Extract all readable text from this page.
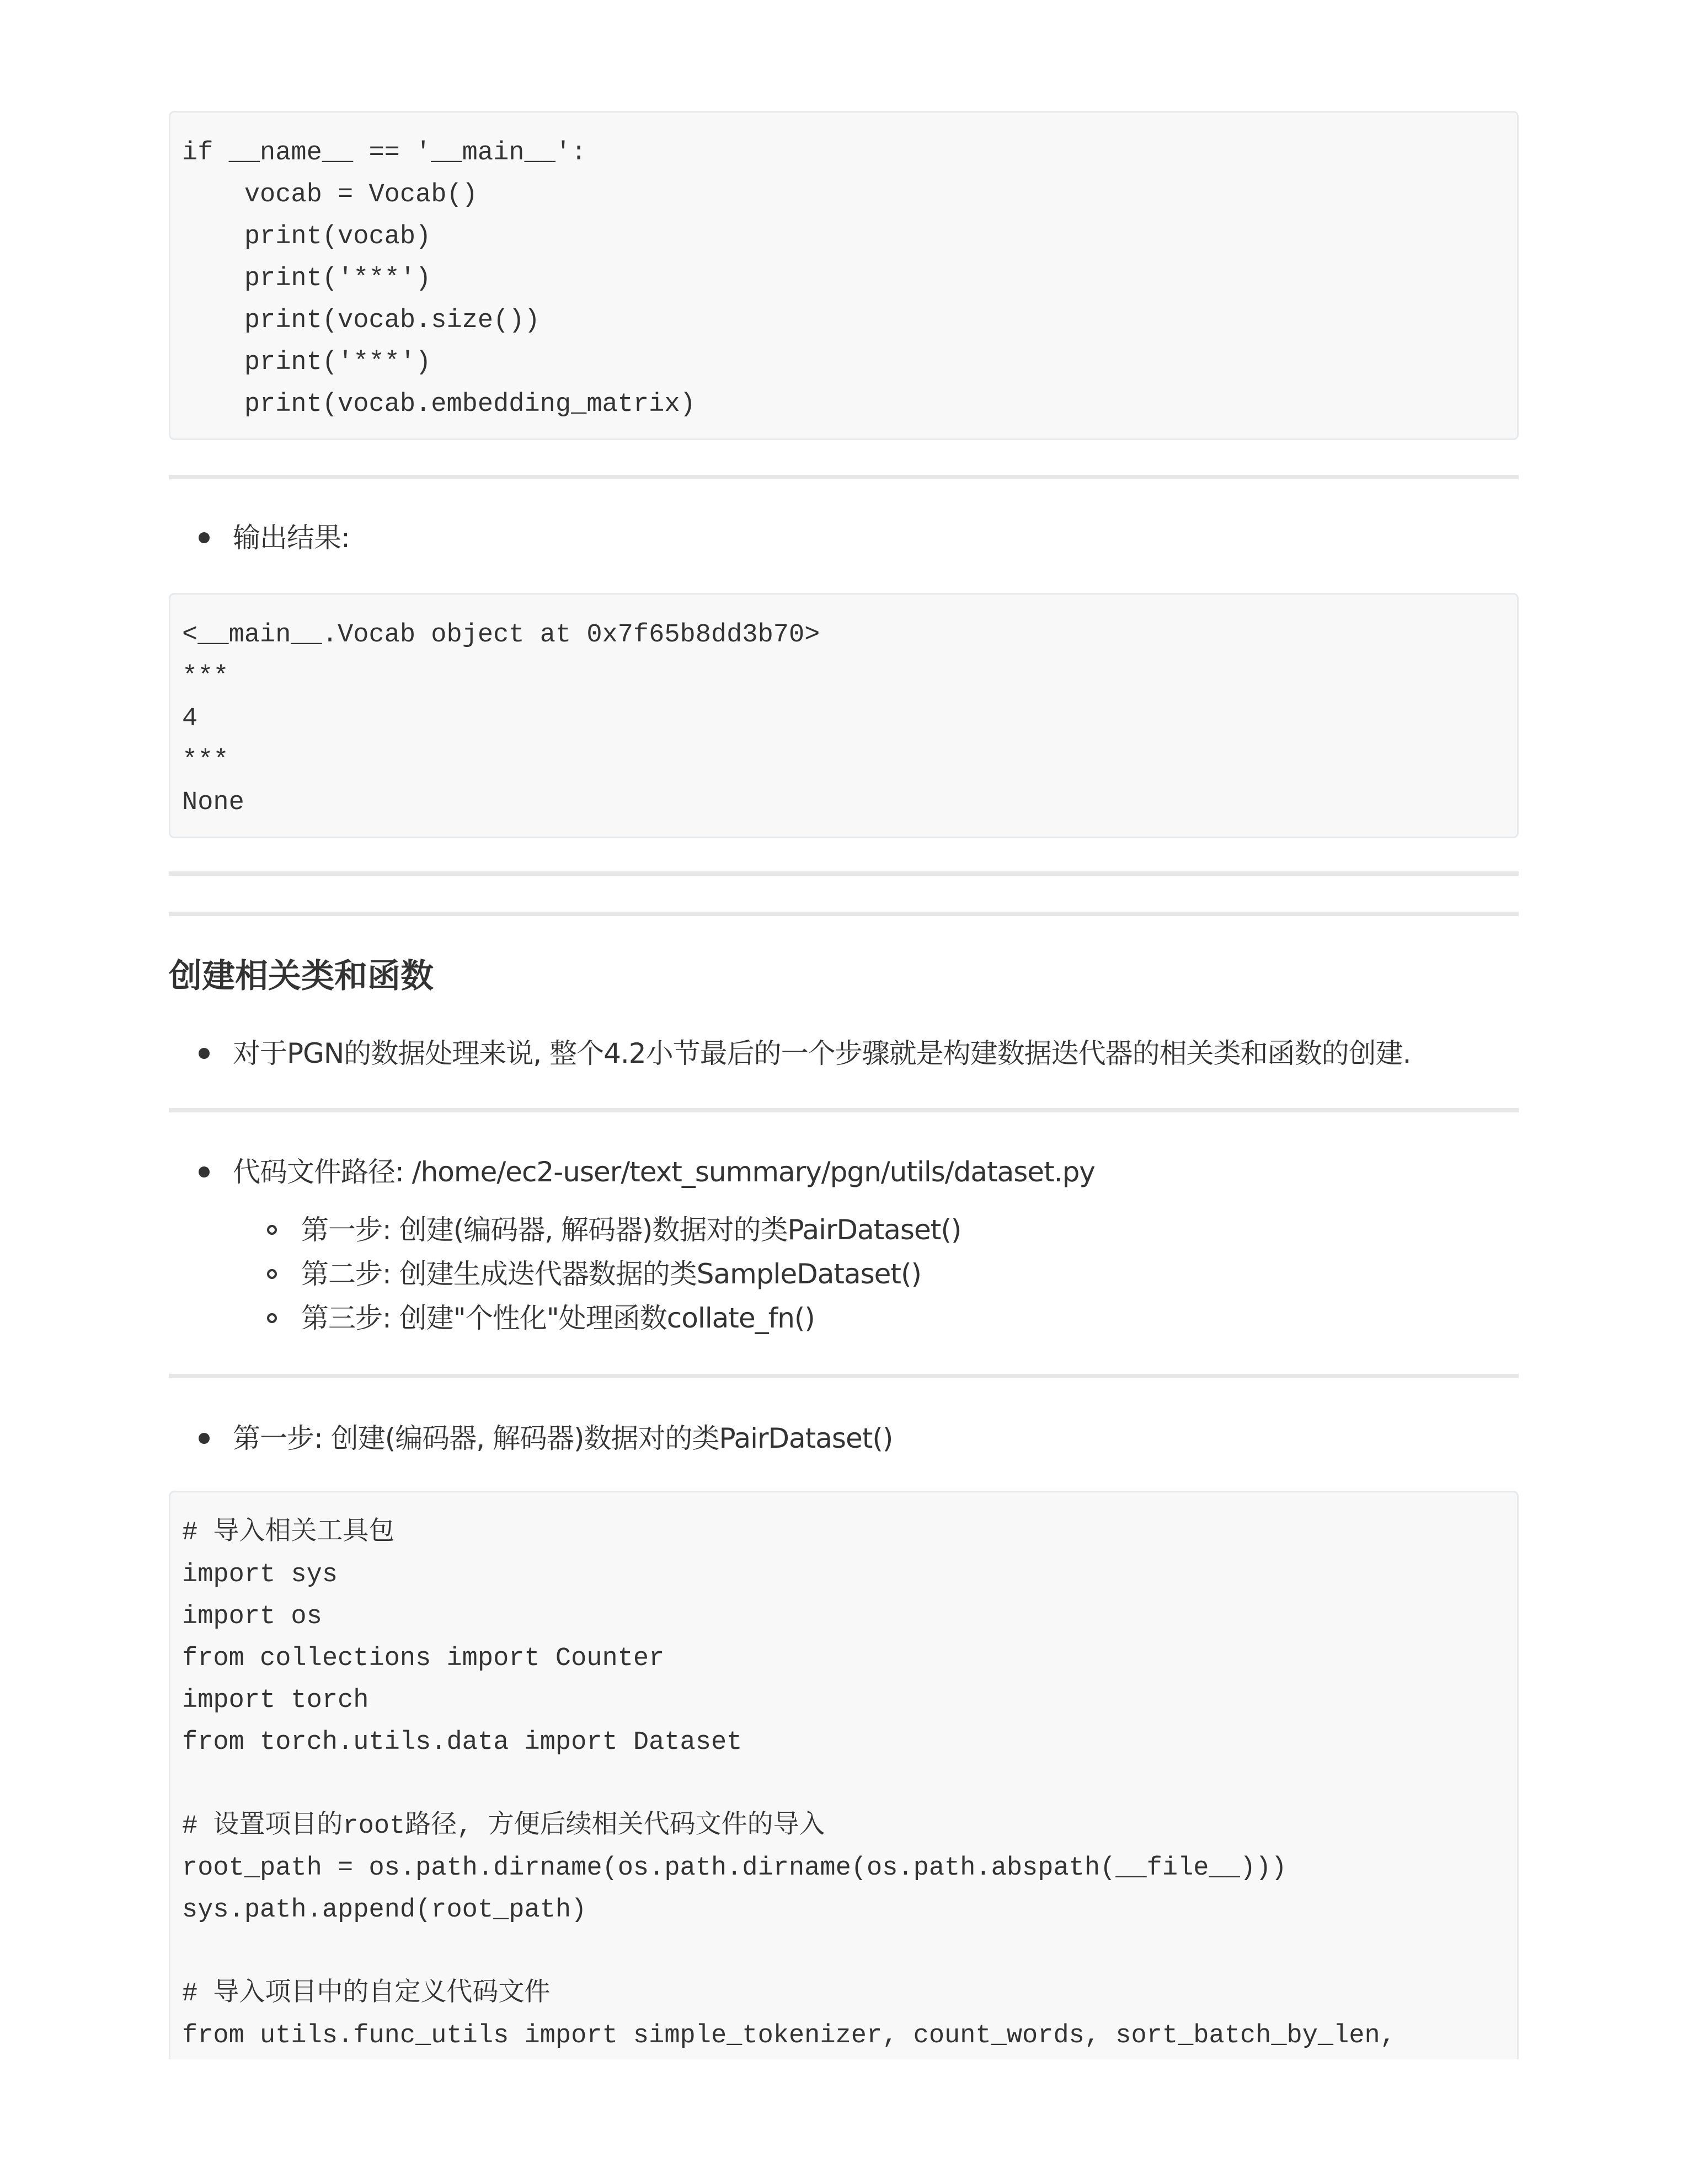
if __name__ == '__main__':
vocab = Vocab()
print(vocab)
print('***')
print(vocab.size())
print('***')
print(vocab.embedding_matrix)
输出结果:
<__main__.Vocab object at 0x7f65b8dd3b70>
***
4
***
None
创建相关类和函数
对于PGN的数据处理来说, 整个4.2小节最后的一个步骤就是构建数据迭代器的相关类和函数的创建.
代码文件路径: /home/ec2-user/text_summary/pgn/utils/dataset.py
第一步: 创建(编码器, 解码器)数据对的类PairDataset()
第二步: 创建生成迭代器数据的类SampleDataset()
第三步: 创建"个性化"处理函数collate_fn()
第一步: 创建(编码器, 解码器)数据对的类PairDataset()
# 导入相关工具包
import sys
import os
from collections import Counter
import torch
from torch.utils.data import Dataset
# 设置项目的root路径, 方便后续相关代码文件的导入
root_path = os.path.dirname(os.path.dirname(os.path.abspath(__file__)))
sys.path.append(root_path)
# 导入项目中的自定义代码文件
from utils.func_utils import simple_tokenizer, count_words, sort_batch_by_len,
